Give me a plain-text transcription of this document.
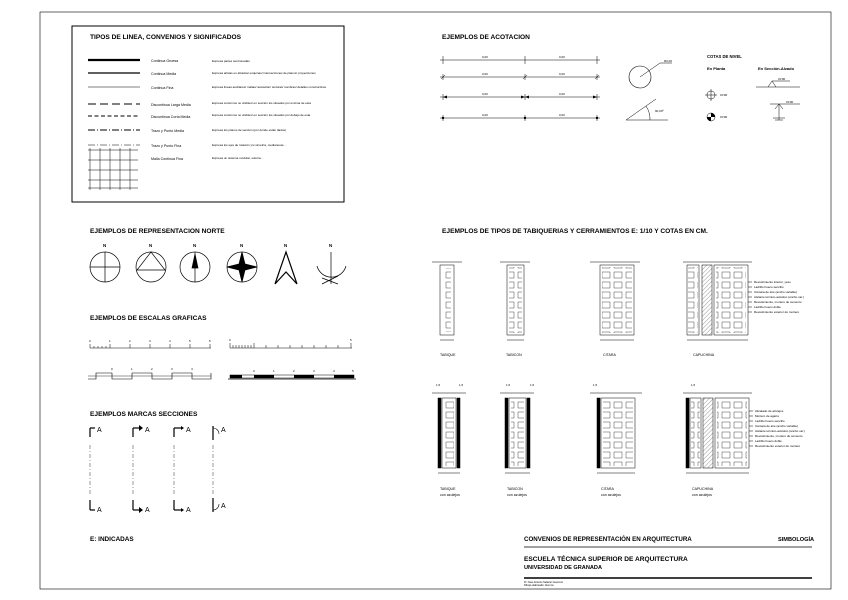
TIPOS DE LINEA, CONVENIOS Y SIGNIFICADOS
Continua Gruesa	Expresa partes seccionadas
Continua Media	Expresa aristas en alzados/ esquinas/ intersecciones de planos/ proyecciones
Continua Fina	Expresa líneas auxiliares/ malias/ acotación/ texturas/ sombras/ detalles constructivos
Discontinua Larga Media	Expresa contornos no visibles/ en sección los situados por encima de esta
Discontinua Corta Media	Expresa contornos no visibles/ en sección los situados por debajo de esta
Trazo y Punto Media	Expresa los planos de sección (por donde están dados)
Trazo y Punto Fina	Expresa los ejes de rotación y/o simetría, medianeras...
Malla Continua Fina	Expresa un sistema modular, solería...
EJEMPLOS DE ACOTACION
0,00	0,00
0,00	0,00
0,00	0,00
0,00	0,00
R0,00
90,00º
COTAS DE NIVEL
En Planta	En Sección-Alzado
±0'00
±0'00
±0'00
±0'00
EJEMPLOS DE REPRESENTACION NORTE
N	N	N	N	N	N
EJEMPLOS DE ESCALAS GRAFICAS
0	1	2	3	4	5	5	0	5
0	1	2	3	4	0	1	2	3	4	5
EJEMPLOS MARCAS SECCIONES
A
A
A
A
A
A
A
A
EJEMPLOS DE TIPOS DE TABIQUERIAS Y CERRAMIENTOS E: 1/10 Y COTAS EN CM.
Revestimiento interior, yeso
Ladrillo hueco sencillo
Cámara de aire (ancho variable)
Aislante térmico-acústico (ancho var.)
Revestimiento, mortero de cemento
Ladrillo hueco doble
Revestimiento exterior de mortero
TABIQUE	TABICON	CITARA	CAPUCHINA
1,5	1,5	1,5	1,5	1,5	1,5
Alicatado de azulejos
Mortero de agarre
Ladrillo hueco sencillo
Cámara de aire (ancho variable)
Aislante térmico-acústico (ancho var.)
Revestimiento, mortero de cemento
Ladrillo hueco doble
Revestimiento exterior de mortero
TABIQUE
con azulejos
TABICON
con azulejos
CITARA
con azulejos
CAPUCHINA
con azulejos
E: INDICADAS	CONVENIOS DE REPRESENTACIÓN EN ARQUITECTURA	SIMBOLOGÍA
ESCUELA TÉCNICA SUPERIOR DE ARQUITECTURA
UNIVERSIDAD DE GRANADA
Dº Jose Antonio Salazar Guerrero
Dibujo elaborado: Alumno
